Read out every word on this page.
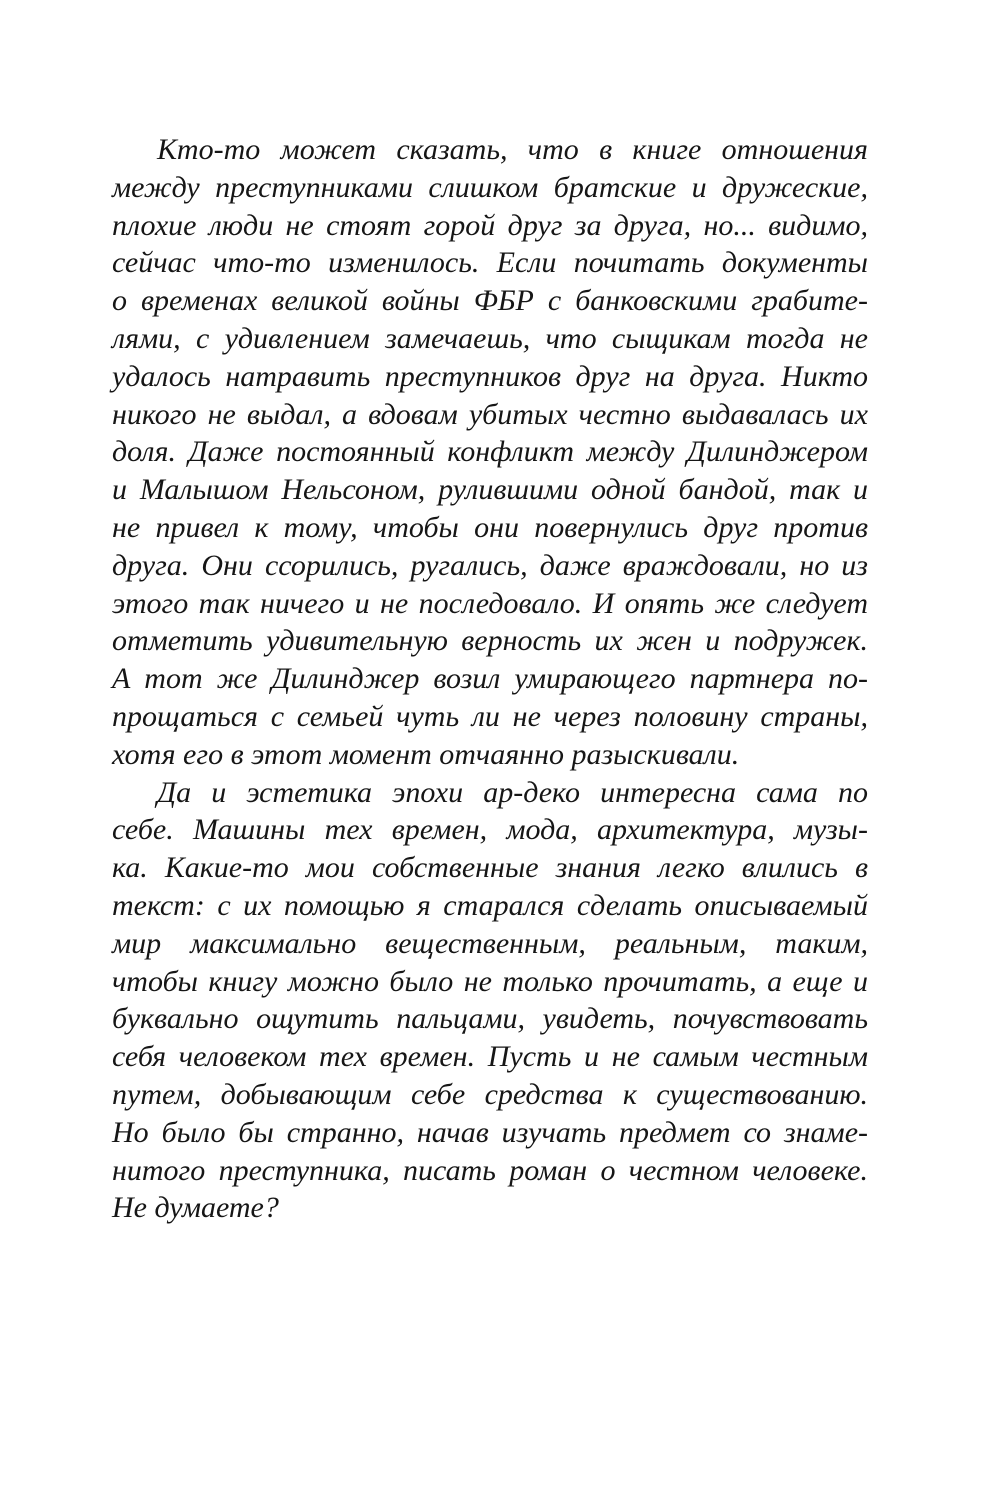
Кто-то может сказать, что в книге отношения
между преступниками слишком братские и дружеские,
плохие люди не стоят горой друг за друга, но... видимо,
сейчас что-то изменилось. Если почитать документы
о временах великой войны ФБР с банковскими грабите-
лями, с удивлением замечаешь, что сыщикам тогда не
удалось натравить преступников друг на друга. Никто
никого не выдал, а вдовам убитых честно выдавалась их
доля. Даже постоянный конфликт между Дилинджером
и Малышом Нельсоном, рулившими одной бандой, так и
не привел к тому, чтобы они повернулись друг против
друга. Они ссорились, ругались, даже враждовали, но из
этого так ничего и не последовало. И опять же следует
отметить удивительную верность их жен и подружек.
А тот же Дилинджер возил умирающего партнера по-
прощаться с семьей чуть ли не через половину страны,
хотя его в этот момент отчаянно разыскивали.
Да и эстетика эпохи ар-деко интересна сама по
себе. Машины тех времен, мода, архитектура, музы-
ка. Какие-то мои собственные знания легко влились в
текст: с их помощью я старался сделать описываемый
мир максимально вещественным, реальным, таким,
чтобы книгу можно было не только прочитать, а еще и
буквально ощутить пальцами, увидеть, почувствовать
себя человеком тех времен. Пусть и не самым честным
путем, добывающим себе средства к существованию.
Но было бы странно, начав изучать предмет со знаме-
нитого преступника, писать роман о честном человеке.
Не думаете?
